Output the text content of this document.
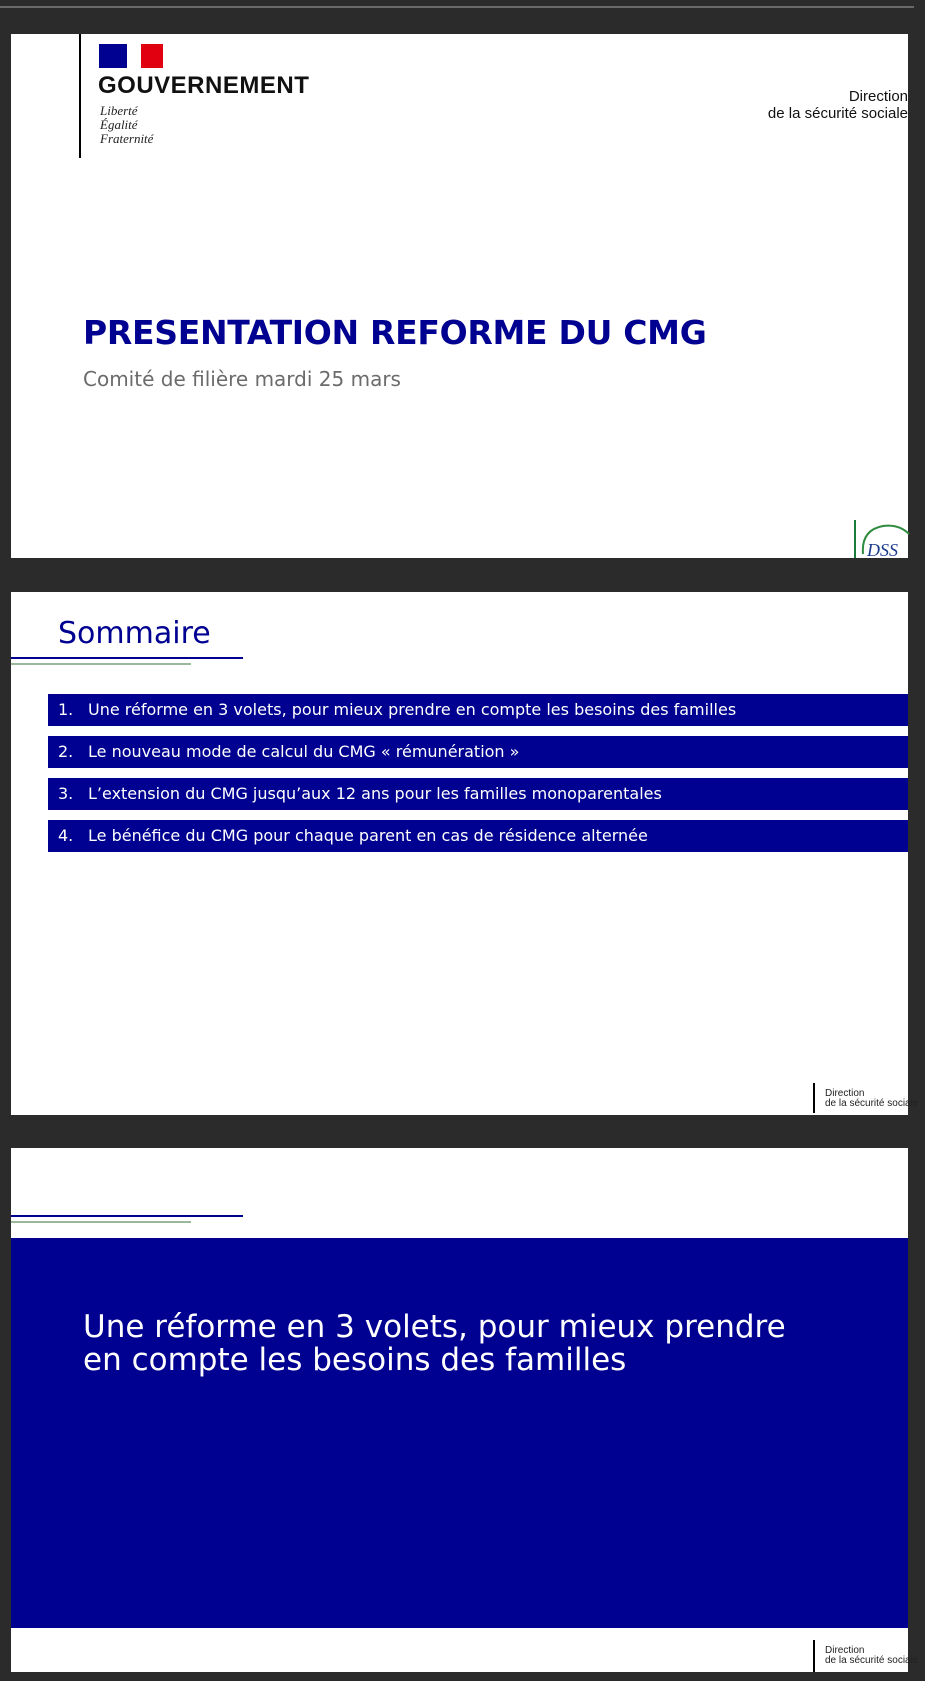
GOUVERNEMENT
Liberté
Égalité
Fraternité
Direction
de la sécurité sociale
PRESENTATION REFORME DU CMG
Comité de filière mardi 25 mars
DSS
Sommaire
1. Une réforme en 3 volets, pour mieux prendre en compte les besoins des familles
2. Le nouveau mode de calcul du CMG « rémunération »
3. L’extension du CMG jusqu’aux 12 ans pour les familles monoparentales
4. Le bénéfice du CMG pour chaque parent en cas de résidence alternée
Direction
de la sécurité sociale
Une réforme en 3 volets, pour mieux prendre en compte les besoins des familles
Direction
de la sécurité sociale
